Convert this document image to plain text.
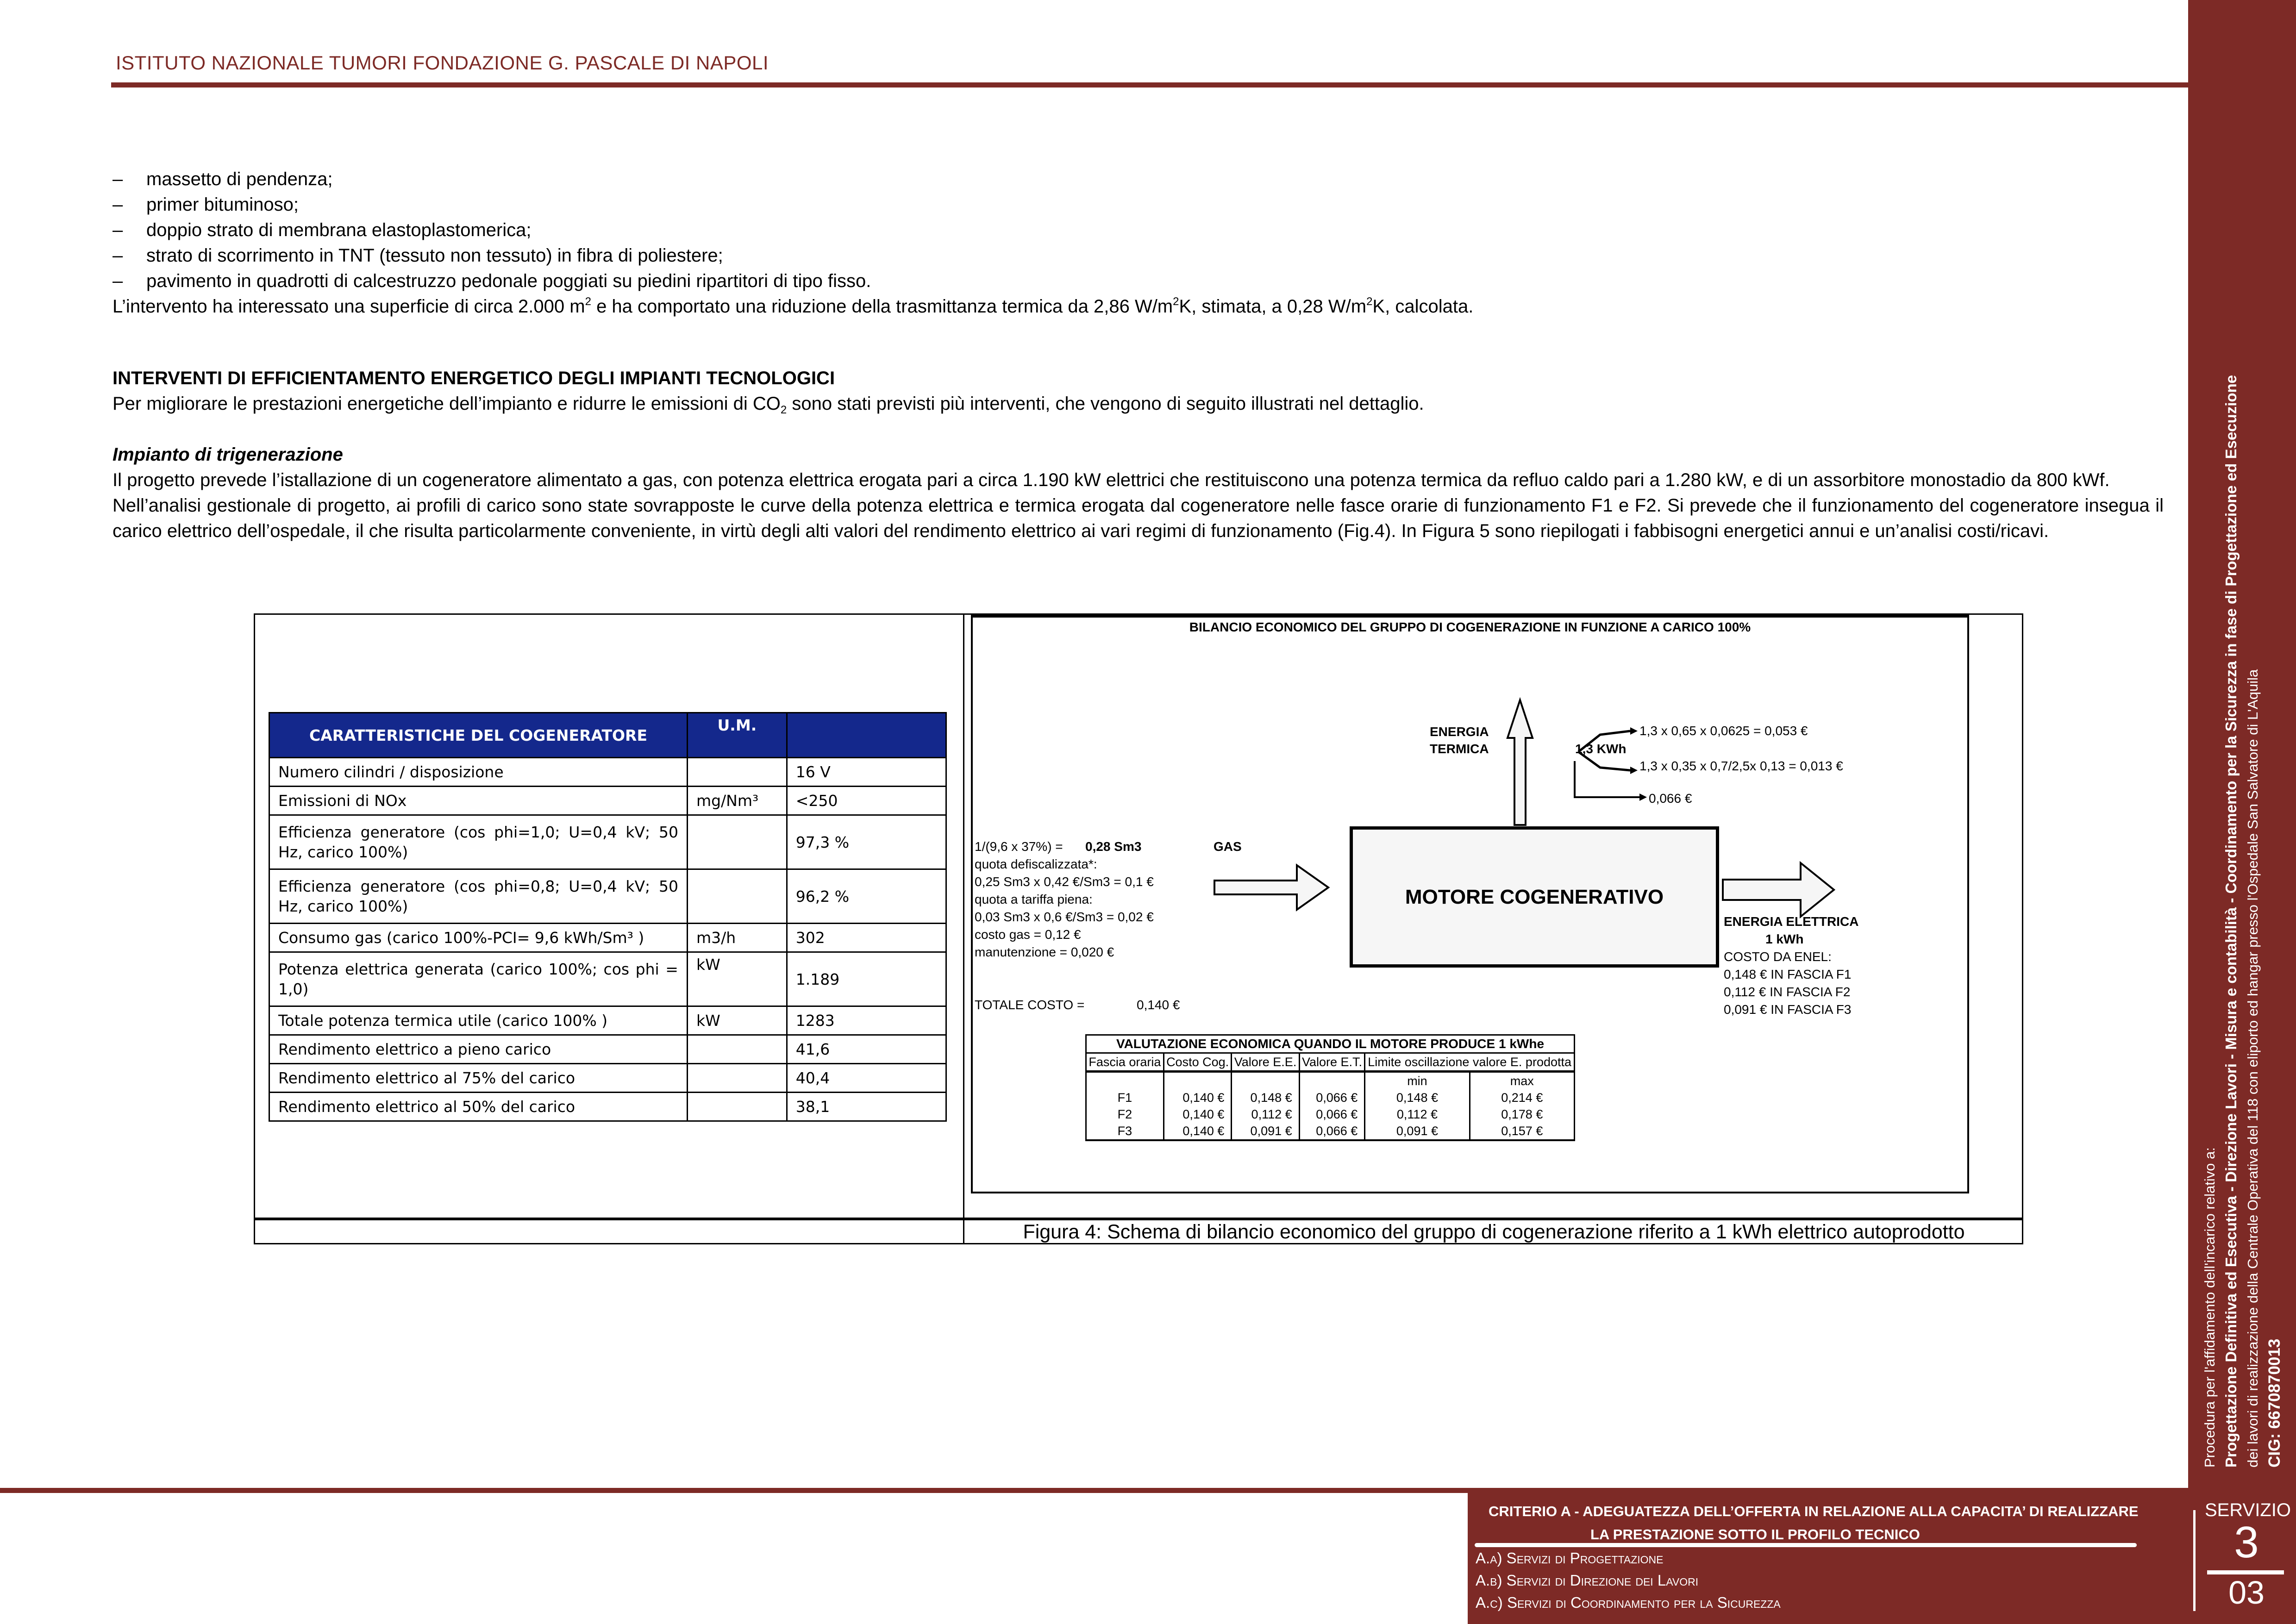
ISTITUTO NAZIONALE TUMORI FONDAZIONE G. PASCALE DI NAPOLI
Procedura per l'affidamento dell'incarico relativo a: Progettazione Definitiva ed Esecutiva - Direzione Lavori - Misura e contabilità - Coordinamento per la Sicurezza in fase di Progettazione ed Esecuzione dei lavori di realizzazione della Centrale Operativa del 118 con eliporto ed hangar presso l'Ospedale San Salvatore di L'Aquila CIG: 6670870013
– massetto di pendenza;
– primer bituminoso;
– doppio strato di membrana elastoplastomerica;
– strato di scorrimento in TNT (tessuto non tessuto) in fibra di poliestere;
– pavimento in quadrotti di calcestruzzo pedonale poggiati su piedini ripartitori di tipo fisso.

L’intervento ha interessato una superficie di circa 2.000 $m^2$ e ha comportato una riduzione della trasmittanza termica da 2,86 $W/m^2K$, stimata, a 0,28 $W/m^2K$, calcolata.

INTERVENTI DI EFFICIENTAMENTO ENERGETICO DEGLI IMPIANTI TECNOLOGICI

Per migliorare le prestazioni energetiche dell’impianto e ridurre le emissioni di $CO_2$ sono stati previsti più interventi, che vengono di seguito illustrati nel dettaglio.

Impianto di trigenerazione

Il progetto prevede l’istallazione di un cogeneratore alimentato a gas, con potenza elettrica erogata pari a circa 1.190 kW elettrici che restituiscono una potenza termica da refluo caldo pari a 1.280 kW, e di un assorbitore monostadio da 800 kWf.

Nell’analisi gestionale di progetto, ai profili di carico sono state sovrapposte le curve della potenza elettrica e termica erogata dal cogeneratore nelle fasce orarie di funzionamento F1 e F2. Si prevede che il funzionamento del cogeneratore insegua il carico elettrico dell’ospedale, il che risulta particolarmente conveniente, in virtù degli alti valori del rendimento elettrico ai vari regimi di funzionamento (Fig.4). In Figura 5 sono riepilogati i fabbisogni energetici annui e un’analisi costi/ricavi.

Figura 4: Schema di bilancio economico del gruppo di cogenerazione riferito a 1 kWh elettrico autoprodotto
CARATTERISTICHE DEL COGENERATORE	U.M.	
Numero cilindri / disposizione		16 V
Emissioni di NOx	mg/Nm³	<250
Efficienza generatore (cos phi=1,0; U=0,4 kV; 50 Hz, carico 100%)		97,3 %
Efficienza generatore (cos phi=0,8; U=0,4 kV; 50 Hz, carico 100%)		96,2 %
Consumo gas (carico 100%-PCI= 9,6 kWh/Sm³ )	m3/h	302
Potenza elettrica generata (carico 100%; cos phi = 1,0)	kW	1.189
Totale potenza termica utile (carico 100% )	kW	1283
Rendimento elettrico a pieno carico		41,6
Rendimento elettrico al 75% del carico		40,4
Rendimento elettrico al 50% del carico		38,1
BILANCIO ECONOMICO DEL GRUPPO DI COGENERAZIONE IN FUNZIONE A CARICO 100%
ENERGIA
TERMICA	1,3 KWh
1,3 x 0,65 x 0,0625 = 0,053 €
1,3 x 0,35 x 0,7/2,5x 0,13 = 0,013 €
0,066 €
1/(9,6 x 37%) = 0,28 Sm3	GAS
quota defiscalizzata*:
0,25 Sm3 x 0,42 €/Sm3 = 0,1 €
quota a tariffa piena:
0,03 Sm3 x 0,6 €/Sm3 = 0,02 €
costo gas = 0,12 €
manutenzione = 0,020 €
TOTALE COSTO =	0,140 €
MOTORE COGENERATIVO
ENERGIA ELETTRICA
1 kWh
COSTO DA ENEL:
0,148 € IN FASCIA F1
0,112 € IN FASCIA F2
0,091 € IN FASCIA F3
VALUTAZIONE ECONOMICA QUANDO IL MOTORE PRODUCE 1 kWhe					
Fascia oraria	Costo Cog.	Valore E.E.	Valore E.T.	Limite oscillazione valore E. prodotta	
				min	max
F1	0,140 €	0,148 €	0,066 €	0,148 €	0,214 €
F2	0,140 €	0,112 €	0,066 €	0,112 €	0,178 €
F3	0,140 €	0,091 €	0,066 €	0,091 €	0,157 €
CRITERIO A - ADEGUATEZZA DELL’OFFERTA IN RELAZIONE ALLA CAPACITA’ DI REALIZZARE
LA PRESTAZIONE SOTTO IL PROFILO TECNICO
A.a) Servizi di Progettazione
A.b) Servizi di Direzione dei Lavori
A.c) Servizi di Coordinamento per la Sicurezza
SERVIZIO
3
03
